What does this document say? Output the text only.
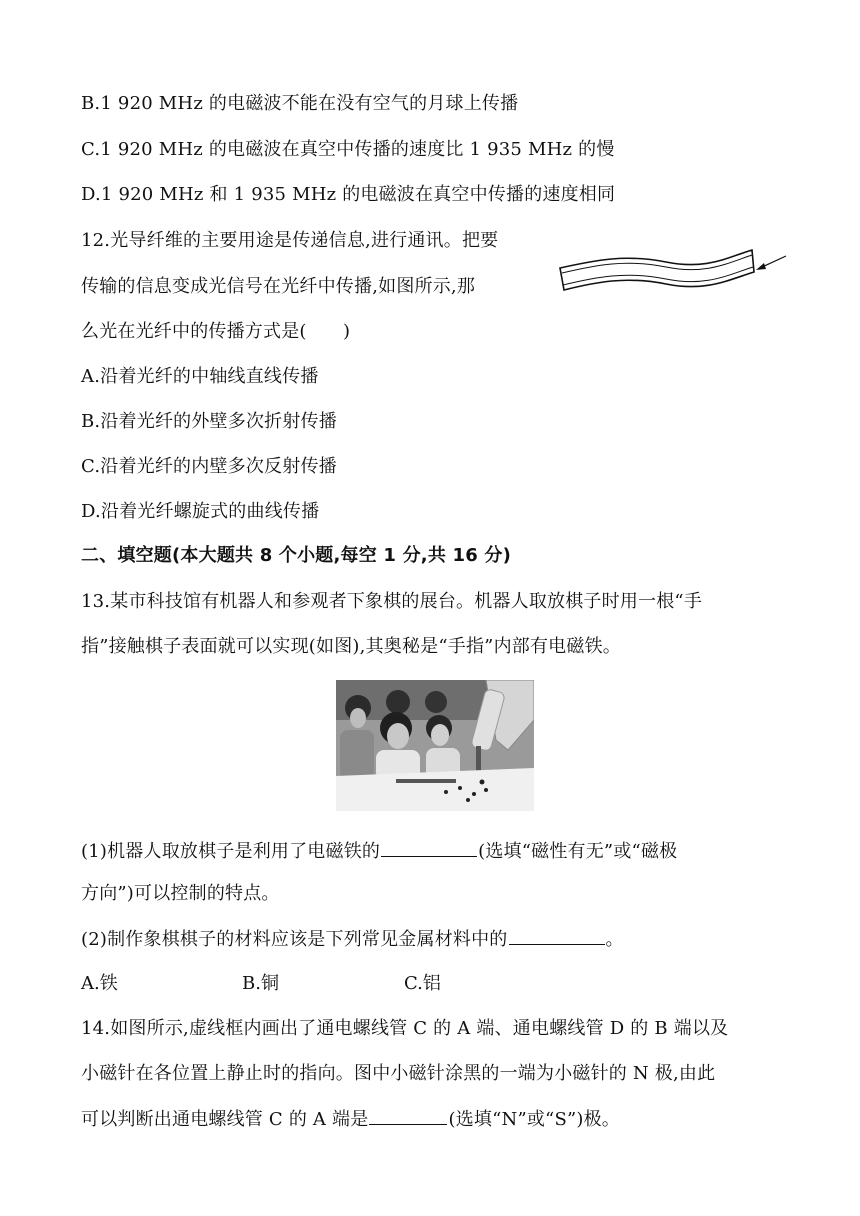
B.1 920 MHz 的电磁波不能在没有空气的月球上传播
C.1 920 MHz 的电磁波在真空中传播的速度比 1 935 MHz 的慢
D.1 920 MHz 和 1 935 MHz 的电磁波在真空中传播的速度相同
12.光导纤维的主要用途是传递信息,进行通讯。把要
传输的信息变成光信号在光纤中传播,如图所示,那
么光在光纤中的传播方式是(　　)
A.沿着光纤的中轴线直线传播
B.沿着光纤的外壁多次折射传播
C.沿着光纤的内壁多次反射传播
D.沿着光纤螺旋式的曲线传播
二、填空题(本大题共 8 个小题,每空 1 分,共 16 分)
13.某市科技馆有机器人和参观者下象棋的展台。机器人取放棋子时用一根“手
指”接触棋子表面就可以实现(如图),其奥秘是“手指”内部有电磁铁。
(1)机器人取放棋子是利用了电磁铁的	(选填“磁性有无”或“磁极
方向”)可以控制的特点。
(2)制作象棋棋子的材料应该是下列常见金属材料中的	。
A.铁	B.铜	C.铝
14.如图所示,虚线框内画出了通电螺线管 C 的 A 端、通电螺线管 D 的 B 端以及
小磁针在各位置上静止时的指向。图中小磁针涂黑的一端为小磁针的 N 极,由此
可以判断出通电螺线管 C 的 A 端是	(选填“N”或“S”)极。
